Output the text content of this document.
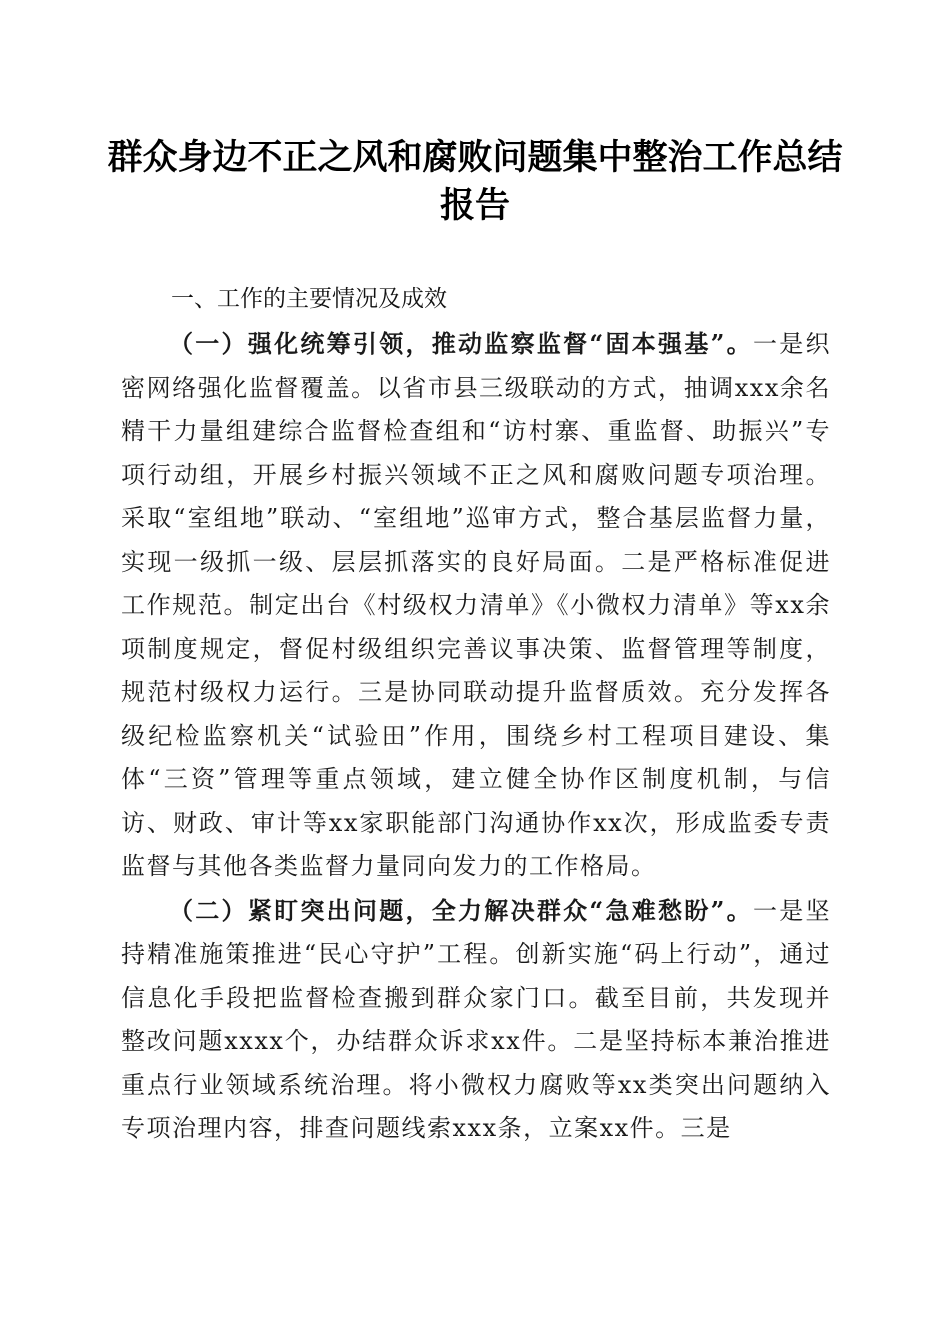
群众身边不正之风和腐败问题集中整治工作总结报告
一、工作的主要情况及成效

（一）强化统筹引领，推动监察监督“固本强基”。一是织密网络强化监督覆盖。以省市县三级联动的方式，抽调xxx余名精干力量组建综合监督检查组和“访村寨、重监督、助振兴”专项行动组，开展乡村振兴领域不正之风和腐败问题专项治理。采取“室组地”联动、“室组地”巡审方式，整合基层监督力量，实现一级抓一级、层层抓落实的良好局面。二是严格标准促进工作规范。制定出台《村级权力清单》《小微权力清单》等xx余项制度规定，督促村级组织完善议事决策、监督管理等制度，规范村级权力运行。三是协同联动提升监督质效。充分发挥各级纪检监察机关“试验田”作用，围绕乡村工程项目建设、集体“三资”管理等重点领域，建立健全协作区制度机制，与信访、财政、审计等xx家职能部门沟通协作xx次，形成监委专责监督与其他各类监督力量同向发力的工作格局。

（二）紧盯突出问题，全力解决群众“急难愁盼”。一是坚持精准施策推进“民心守护”工程。创新实施“码上行动”，通过信息化手段把监督检查搬到群众家门口。截至目前，共发现并整改问题xxxx个，办结群众诉求xx件。二是坚持标本兼治推进重点行业领域系统治理。将小微权力腐败等xx类突出问题纳入专项治理内容，排查问题线索xxx条，立案xx件。三是
